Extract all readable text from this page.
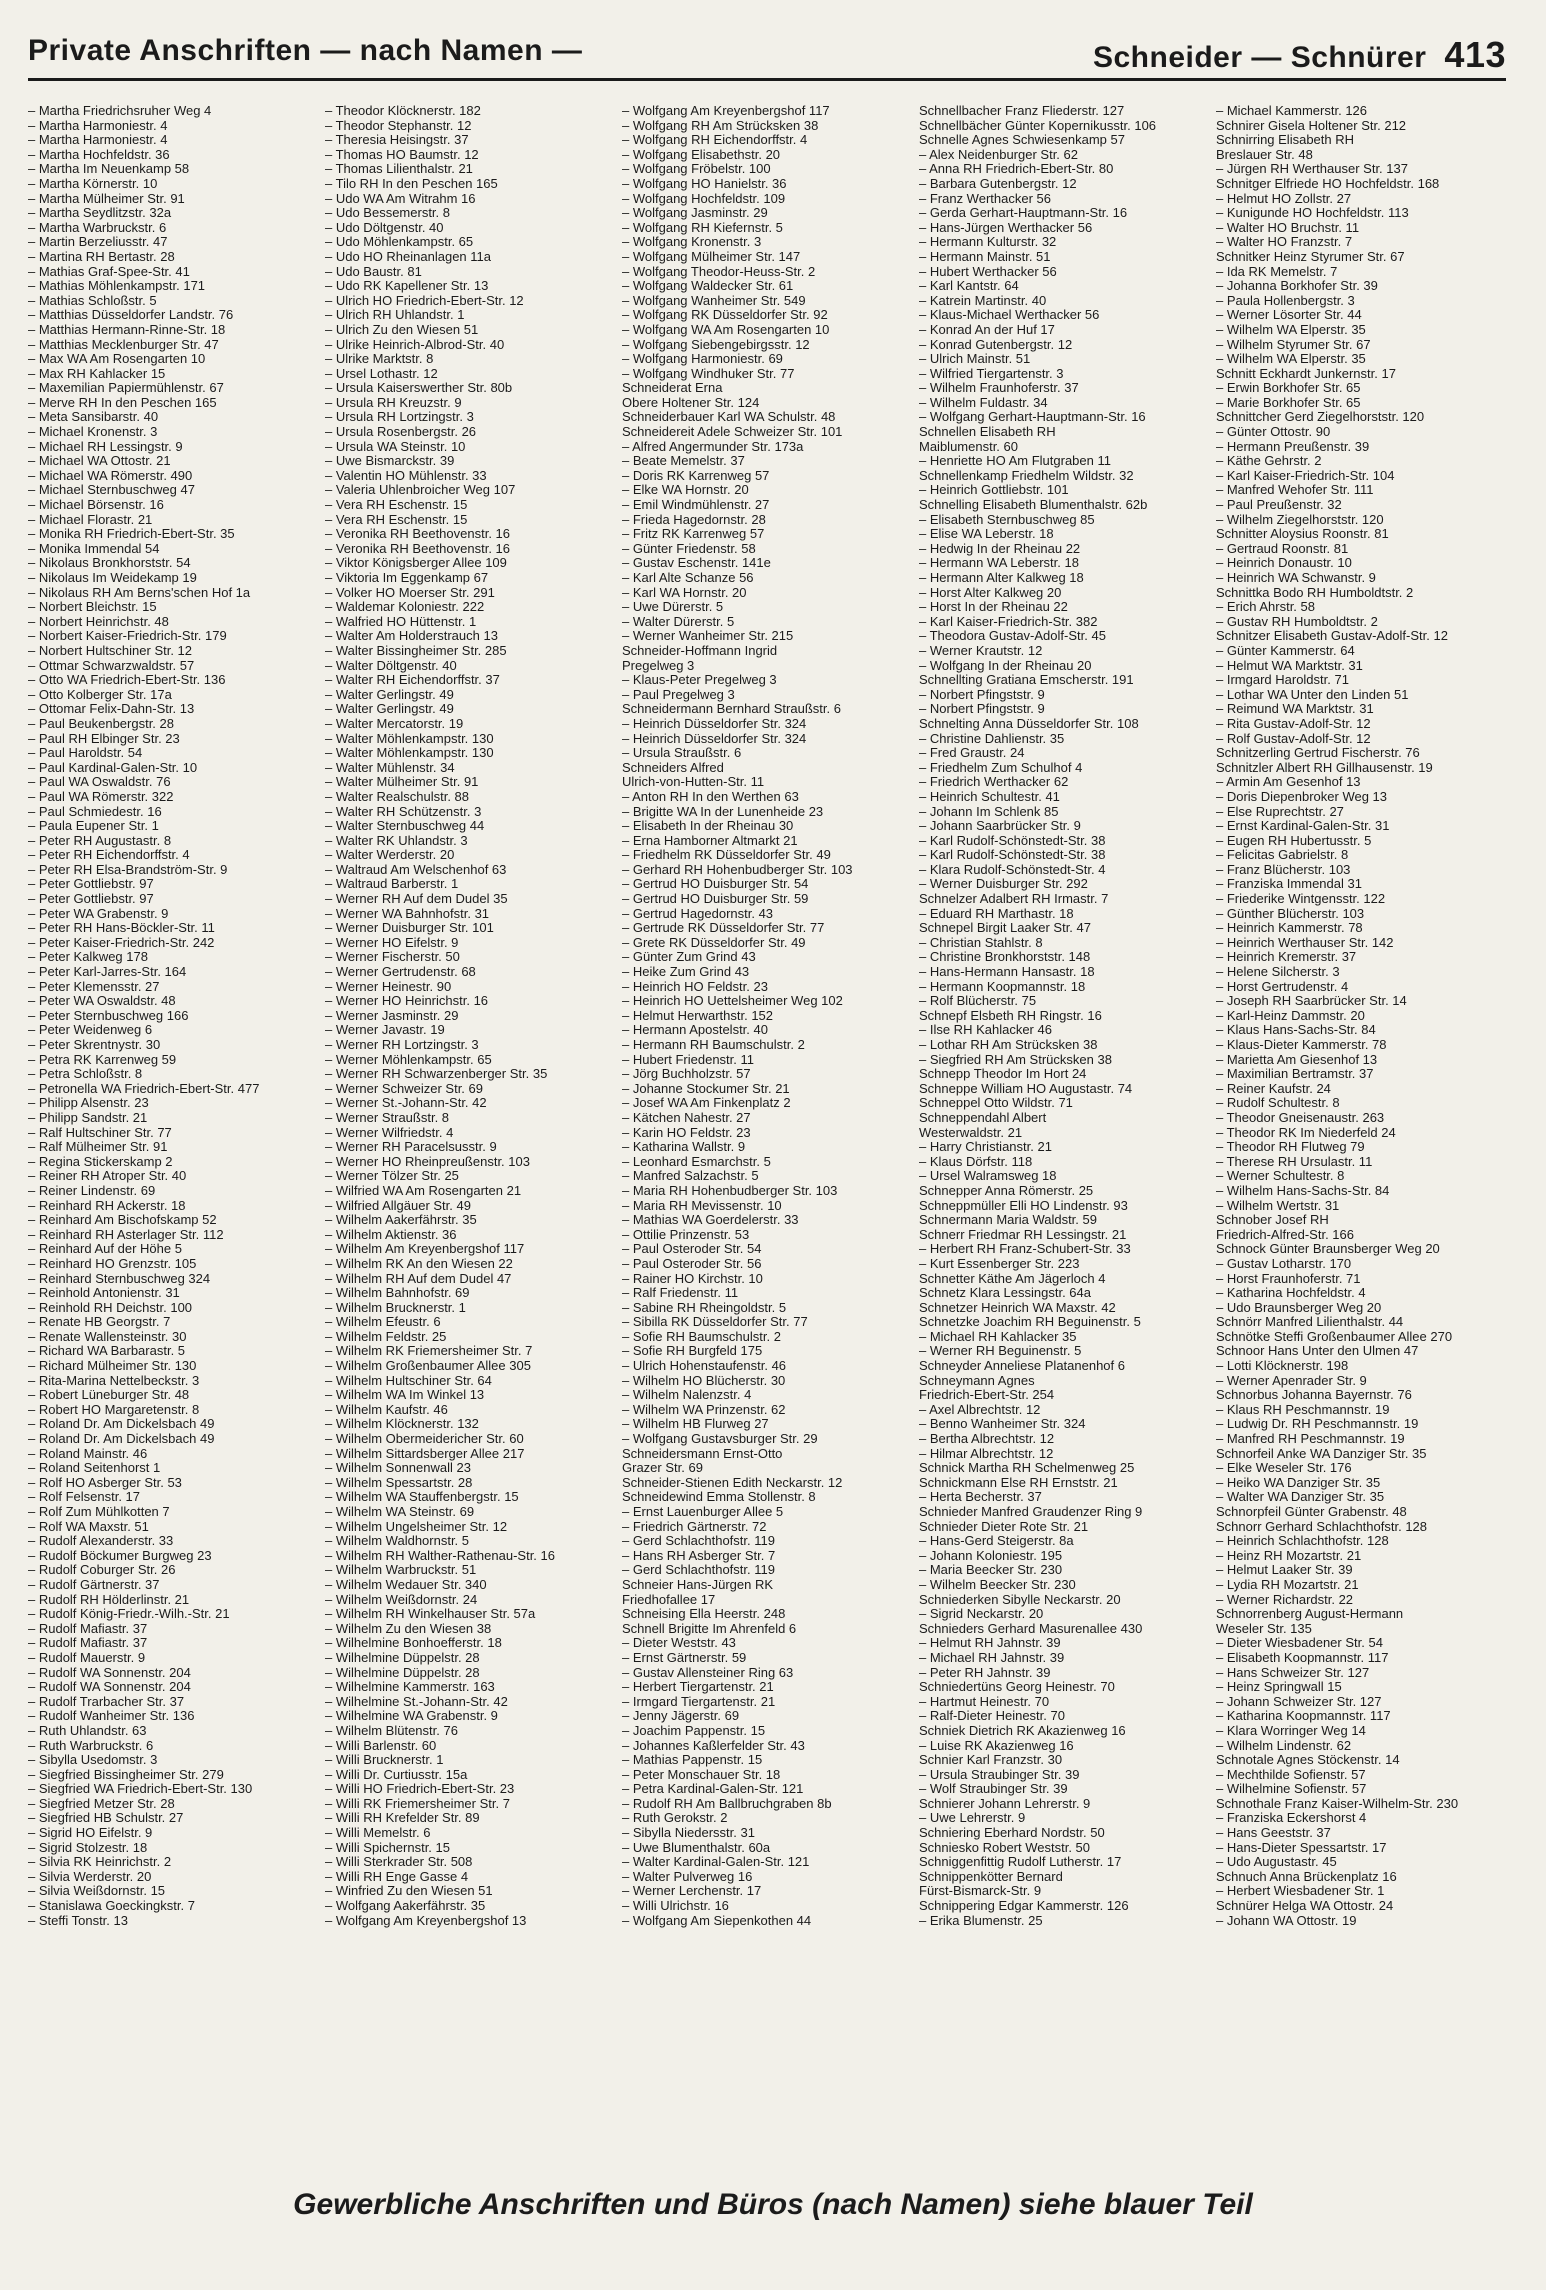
Private Anschriften — nach Namen —	Schneider — Schnürer 413
– Martha Friedrichsruher Weg 4
– Martha Harmoniestr. 4
– Martha Harmoniestr. 4
– Martha Hochfeldstr. 36
– Martha Im Neuenkamp 58
– Martha Körnerstr. 10
– Martha Mülheimer Str. 91
– Martha Seydlitzstr. 32a
– Martha Warbruckstr. 6
– Martin Berzeliusstr. 47
– Martina RH Bertastr. 28
– Mathias Graf-Spee-Str. 41
– Mathias Möhlenkampstr. 171
– Mathias Schloßstr. 5
– Matthias Düsseldorfer Landstr. 76
– Matthias Hermann-Rinne-Str. 18
– Matthias Mecklenburger Str. 47
– Max WA Am Rosengarten 10
– Max RH Kahlacker 15
– Maxemilian Papiermühlenstr. 67
– Merve RH In den Peschen 165
– Meta Sansibarstr. 40
– Michael Kronenstr. 3
– Michael RH Lessingstr. 9
– Michael WA Ottostr. 21
– Michael WA Römerstr. 490
– Michael Sternbuschweg 47
– Michael Börsenstr. 16
– Michael Florastr. 21
– Monika RH Friedrich-Ebert-Str. 35
– Monika Immendal 54
– Nikolaus Bronkhorststr. 54
– Nikolaus Im Weidekamp 19
– Nikolaus RH Am Berns'schen Hof 1a
– Norbert Bleichstr. 15
– Norbert Heinrichstr. 48
– Norbert Kaiser-Friedrich-Str. 179
– Norbert Hultschiner Str. 12
– Ottmar Schwarzwaldstr. 57
– Otto WA Friedrich-Ebert-Str. 136
– Otto Kolberger Str. 17a
– Ottomar Felix-Dahn-Str. 13
– Paul Beukenbergstr. 28
– Paul RH Elbinger Str. 23
– Paul Haroldstr. 54
– Paul Kardinal-Galen-Str. 10
– Paul WA Oswaldstr. 76
– Paul WA Römerstr. 322
– Paul Schmiedestr. 16
– Paula Eupener Str. 1
– Peter RH Augustastr. 8
– Peter RH Eichendorffstr. 4
– Peter RH Elsa-Brandström-Str. 9
– Peter Gottliebstr. 97
– Peter Gottliebstr. 97
– Peter WA Grabenstr. 9
– Peter RH Hans-Böckler-Str. 11
– Peter Kaiser-Friedrich-Str. 242
– Peter Kalkweg 178
– Peter Karl-Jarres-Str. 164
– Peter Klemensstr. 27
– Peter WA Oswaldstr. 48
– Peter Sternbuschweg 166
– Peter Weidenweg 6
– Peter Skrentnystr. 30
– Petra RK Karrenweg 59
– Petra Schloßstr. 8
– Petronella WA Friedrich-Ebert-Str. 477
– Philipp Alsenstr. 23
– Philipp Sandstr. 21
– Ralf Hultschiner Str. 77
– Ralf Mülheimer Str. 91
– Regina Stickerskamp 2
– Reiner RH Atroper Str. 40
– Reiner Lindenstr. 69
– Reinhard RH Ackerstr. 18
– Reinhard Am Bischofskamp 52
– Reinhard RH Asterlager Str. 112
– Reinhard Auf der Höhe 5
– Reinhard HO Grenzstr. 105
– Reinhard Sternbuschweg 324
– Reinhold Antonienstr. 31
– Reinhold RH Deichstr. 100
– Renate HB Georgstr. 7
– Renate Wallensteinstr. 30
– Richard WA Barbarastr. 5
– Richard Mülheimer Str. 130
– Rita-Marina Nettelbeckstr. 3
– Robert Lüneburger Str. 48
– Robert HO Margaretenstr. 8
– Roland Dr. Am Dickelsbach 49
– Roland Dr. Am Dickelsbach 49
– Roland Mainstr. 46
– Roland Seitenhorst 1
– Rolf HO Asberger Str. 53
– Rolf Felsenstr. 17
– Rolf Zum Mühlkotten 7
– Rolf WA Maxstr. 51
– Rudolf Alexanderstr. 33
– Rudolf Böckumer Burgweg 23
– Rudolf Coburger Str. 26
– Rudolf Gärtnerstr. 37
– Rudolf RH Hölderlinstr. 21
– Rudolf König-Friedr.-Wilh.-Str. 21
– Rudolf Mafiastr. 37
– Rudolf Mafiastr. 37
– Rudolf Mauerstr. 9
– Rudolf WA Sonnenstr. 204
– Rudolf WA Sonnenstr. 204
– Rudolf Trarbacher Str. 37
– Rudolf Wanheimer Str. 136
– Ruth Uhlandstr. 63
– Ruth Warbruckstr. 6
– Sibylla Usedomstr. 3
– Siegfried Bissingheimer Str. 279
– Siegfried WA Friedrich-Ebert-Str. 130
– Siegfried Metzer Str. 28
– Siegfried HB Schulstr. 27
– Sigrid HO Eifelstr. 9
– Sigrid Stolzestr. 18
– Silvia RK Heinrichstr. 2
– Silvia Werderstr. 20
– Silvia Weißdornstr. 15
– Stanislawa Goeckingkstr. 7
– Steffi Tonstr. 13
– Theodor Klöcknerstr. 182
– Theodor Stephanstr. 12
– Theresia Heisingstr. 37
– Thomas HO Baumstr. 12
– Thomas Lilienthalstr. 21
– Tilo RH In den Peschen 165
– Udo WA Am Witrahm 16
– Udo Bessemerstr. 8
– Udo Döltgenstr. 40
– Udo Möhlenkampstr. 65
– Udo HO Rheinanlagen 11a
– Udo Baustr. 81
– Udo RK Kapellener Str. 13
– Ulrich HO Friedrich-Ebert-Str. 12
– Ulrich RH Uhlandstr. 1
– Ulrich Zu den Wiesen 51
– Ulrike Heinrich-Albrod-Str. 40
– Ulrike Marktstr. 8
– Ursel Lothastr. 12
– Ursula Kaiserswerther Str. 80b
– Ursula RH Kreuzstr. 9
– Ursula RH Lortzingstr. 3
– Ursula Rosenbergstr. 26
– Ursula WA Steinstr. 10
– Uwe Bismarckstr. 39
– Valentin HO Mühlenstr. 33
– Valeria Uhlenbroicher Weg 107
– Vera RH Eschenstr. 15
– Vera RH Eschenstr. 15
– Veronika RH Beethovenstr. 16
– Veronika RH Beethovenstr. 16
– Viktor Königsberger Allee 109
– Viktoria Im Eggenkamp 67
– Volker HO Moerser Str. 291
– Waldemar Koloniestr. 222
– Walfried HO Hüttenstr. 1
– Walter Am Holderstrauch 13
– Walter Bissingheimer Str. 285
– Walter Döltgenstr. 40
– Walter RH Eichendorffstr. 37
– Walter Gerlingstr. 49
– Walter Gerlingstr. 49
– Walter Mercatorstr. 19
– Walter Möhlenkampstr. 130
– Walter Möhlenkampstr. 130
– Walter Mühlenstr. 34
– Walter Mülheimer Str. 91
– Walter Realschulstr. 88
– Walter RH Schützenstr. 3
– Walter Sternbuschweg 44
– Walter RK Uhlandstr. 3
– Walter Werderstr. 20
– Waltraud Am Welschenhof 63
– Waltraud Barberstr. 1
– Werner RH Auf dem Dudel 35
– Werner WA Bahnhofstr. 31
– Werner Duisburger Str. 101
– Werner HO Eifelstr. 9
– Werner Fischerstr. 50
– Werner Gertrudenstr. 68
– Werner Heinestr. 90
– Werner HO Heinrichstr. 16
– Werner Jasminstr. 29
– Werner Javastr. 19
– Werner RH Lortzingstr. 3
– Werner Möhlenkampstr. 65
– Werner RH Schwarzenberger Str. 35
– Werner Schweizer Str. 69
– Werner St.-Johann-Str. 42
– Werner Straußstr. 8
– Werner Wilfriedstr. 4
– Werner RH Paracelsusstr. 9
– Werner HO Rheinpreußenstr. 103
– Werner Tölzer Str. 25
– Wilfried WA Am Rosengarten 21
– Wilfried Allgäuer Str. 49
– Wilhelm Aakerfährstr. 35
– Wilhelm Aktienstr. 36
– Wilhelm Am Kreyenbergshof 117
– Wilhelm RK An den Wiesen 22
– Wilhelm RH Auf dem Dudel 47
– Wilhelm Bahnhofstr. 69
– Wilhelm Brucknerstr. 1
– Wilhelm Efeustr. 6
– Wilhelm Feldstr. 25
– Wilhelm RK Friemersheimer Str. 7
– Wilhelm Großenbaumer Allee 305
– Wilhelm Hultschiner Str. 64
– Wilhelm WA Im Winkel 13
– Wilhelm Kaufstr. 46
– Wilhelm Klöcknerstr. 132
– Wilhelm Obermeidericher Str. 60
– Wilhelm Sittardsberger Allee 217
– Wilhelm Sonnenwall 23
– Wilhelm Spessartstr. 28
– Wilhelm WA Stauffenbergstr. 15
– Wilhelm WA Steinstr. 69
– Wilhelm Ungelsheimer Str. 12
– Wilhelm Waldhornstr. 5
– Wilhelm RH Walther-Rathenau-Str. 16
– Wilhelm Warbruckstr. 51
– Wilhelm Wedauer Str. 340
– Wilhelm Weißdornstr. 24
– Wilhelm RH Winkelhauser Str. 57a
– Wilhelm Zu den Wiesen 38
– Wilhelmine Bonhoefferstr. 18
– Wilhelmine Düppelstr. 28
– Wilhelmine Düppelstr. 28
– Wilhelmine Kammerstr. 163
– Wilhelmine St.-Johann-Str. 42
– Wilhelmine WA Grabenstr. 9
– Wilhelm Blütenstr. 76
– Willi Barlenstr. 60
– Willi Brucknerstr. 1
– Willi Dr. Curtiusstr. 15a
– Willi HO Friedrich-Ebert-Str. 23
– Willi RK Friemersheimer Str. 7
– Willi RH Krefelder Str. 89
– Willi Memelstr. 6
– Willi Spichernstr. 15
– Willi Sterkrader Str. 508
– Willi RH Enge Gasse 4
– Winfried Zu den Wiesen 51
– Wolfgang Aakerfährstr. 35
– Wolfgang Am Kreyenbergshof 13
– Wolfgang Am Kreyenbergshof 117
– Wolfgang RH Am Strücksken 38
– Wolfgang RH Eichendorffstr. 4
– Wolfgang Elisabethstr. 20
– Wolfgang Fröbelstr. 100
– Wolfgang HO Hanielstr. 36
– Wolfgang Hochfeldstr. 109
– Wolfgang Jasminstr. 29
– Wolfgang RH Kiefernstr. 5
– Wolfgang Kronenstr. 3
– Wolfgang Mülheimer Str. 147
– Wolfgang Theodor-Heuss-Str. 2
– Wolfgang Waldecker Str. 61
– Wolfgang Wanheimer Str. 549
– Wolfgang RK Düsseldorfer Str. 92
– Wolfgang WA Am Rosengarten 10
– Wolfgang Siebengebirgsstr. 12
– Wolfgang Harmoniestr. 69
– Wolfgang Windhuker Str. 77
Schneiderat Erna
Obere Holtener Str. 124
Schneiderbauer Karl WA Schulstr. 48
Schneidereit Adele Schweizer Str. 101
– Alfred Angermunder Str. 173a
– Beate Memelstr. 37
– Doris RK Karrenweg 57
– Elke WA Hornstr. 20
– Emil Windmühlenstr. 27
– Frieda Hagedornstr. 28
– Fritz RK Karrenweg 57
– Günter Friedenstr. 58
– Gustav Eschenstr. 141e
– Karl Alte Schanze 56
– Karl WA Hornstr. 20
– Uwe Dürerstr. 5
– Walter Dürerstr. 5
– Werner Wanheimer Str. 215
Schneider-Hoffmann Ingrid
Pregelweg 3
– Klaus-Peter Pregelweg 3
– Paul Pregelweg 3
Schneidermann Bernhard Straußstr. 6
– Heinrich Düsseldorfer Str. 324
– Heinrich Düsseldorfer Str. 324
– Ursula Straußstr. 6
Schneiders Alfred
Ulrich-von-Hutten-Str. 11
– Anton RH In den Werthen 63
– Brigitte WA In der Lunenheide 23
– Elisabeth In der Rheinau 30
– Erna Hamborner Altmarkt 21
– Friedhelm RK Düsseldorfer Str. 49
– Gerhard RH Hohenbudberger Str. 103
– Gertrud HO Duisburger Str. 54
– Gertrud HO Duisburger Str. 59
– Gertrud Hagedornstr. 43
– Gertrude RK Düsseldorfer Str. 77
– Grete RK Düsseldorfer Str. 49
– Günter Zum Grind 43
– Heike Zum Grind 43
– Heinrich HO Feldstr. 23
– Heinrich HO Uettelsheimer Weg 102
– Helmut Herwarthstr. 152
– Hermann Apostelstr. 40
– Hermann RH Baumschulstr. 2
– Hubert Friedenstr. 11
– Jörg Buchholzstr. 57
– Johanne Stockumer Str. 21
– Josef WA Am Finkenplatz 2
– Kätchen Nahestr. 27
– Karin HO Feldstr. 23
– Katharina Wallstr. 9
– Leonhard Esmarchstr. 5
– Manfred Salzachstr. 5
– Maria RH Hohenbudberger Str. 103
– Maria RH Mevissenstr. 10
– Mathias WA Goerdelerstr. 33
– Ottilie Prinzenstr. 53
– Paul Osteroder Str. 54
– Paul Osteroder Str. 56
– Rainer HO Kirchstr. 10
– Ralf Friedenstr. 11
– Sabine RH Rheingoldstr. 5
– Sibilla RK Düsseldorfer Str. 77
– Sofie RH Baumschulstr. 2
– Sofie RH Burgfeld 175
– Ulrich Hohenstaufenstr. 46
– Wilhelm HO Blücherstr. 30
– Wilhelm Nalenzstr. 4
– Wilhelm WA Prinzenstr. 62
– Wilhelm HB Flurweg 27
– Wolfgang Gustavsburger Str. 29
Schneidersmann Ernst-Otto
Grazer Str. 69
Schneider-Stienen Edith Neckarstr. 12
Schneidewind Emma Stollenstr. 8
– Ernst Lauenburger Allee 5
– Friedrich Gärtnerstr. 72
– Gerd Schlachthofstr. 119
– Hans RH Asberger Str. 7
– Gerd Schlachthofstr. 119
Schneier Hans-Jürgen RK
Friedhofallee 17
Schneising Ella Heerstr. 248
Schnell Brigitte Im Ahrenfeld 6
– Dieter Weststr. 43
– Ernst Gärtnerstr. 59
– Gustav Allensteiner Ring 63
– Herbert Tiergartenstr. 21
– Irmgard Tiergartenstr. 21
– Jenny Jägerstr. 69
– Joachim Pappenstr. 15
– Johannes Kaßlerfelder Str. 43
– Mathias Pappenstr. 15
– Peter Monschauer Str. 18
– Petra Kardinal-Galen-Str. 121
– Rudolf RH Am Ballbruchgraben 8b
– Ruth Gerokstr. 2
– Sibylla Niedersstr. 31
– Uwe Blumenthalstr. 60a
– Walter Kardinal-Galen-Str. 121
– Walter Pulverweg 16
– Werner Lerchenstr. 17
– Willi Ulrichstr. 16
– Wolfgang Am Siepenkothen 44
Schnellbacher Franz Fliederstr. 127
Schnellbächer Günter Kopernikusstr. 106
Schnelle Agnes Schwiesenkamp 57
– Alex Neidenburger Str. 62
– Anna RH Friedrich-Ebert-Str. 80
– Barbara Gutenbergstr. 12
– Franz Werthacker 56
– Gerda Gerhart-Hauptmann-Str. 16
– Hans-Jürgen Werthacker 56
– Hermann Kulturstr. 32
– Hermann Mainstr. 51
– Hubert Werthacker 56
– Karl Kantstr. 64
– Katrein Martinstr. 40
– Klaus-Michael Werthacker 56
– Konrad An der Huf 17
– Konrad Gutenbergstr. 12
– Ulrich Mainstr. 51
– Wilfried Tiergartenstr. 3
– Wilhelm Fraunhoferstr. 37
– Wilhelm Fuldastr. 34
– Wolfgang Gerhart-Hauptmann-Str. 16
Schnellen Elisabeth RH
Maiblumenstr. 60
– Henriette HO Am Flutgraben 11
Schnellenkamp Friedhelm Wildstr. 32
– Heinrich Gottliebstr. 101
Schnelling Elisabeth Blumenthalstr. 62b
– Elisabeth Sternbuschweg 85
– Elise WA Leberstr. 18
– Hedwig In der Rheinau 22
– Hermann WA Leberstr. 18
– Hermann Alter Kalkweg 18
– Horst Alter Kalkweg 20
– Horst In der Rheinau 22
– Karl Kaiser-Friedrich-Str. 382
– Theodora Gustav-Adolf-Str. 45
– Werner Krautstr. 12
– Wolfgang In der Rheinau 20
Schnellting Gratiana Emscherstr. 191
– Norbert Pfingststr. 9
– Norbert Pfingststr. 9
Schnelting Anna Düsseldorfer Str. 108
– Christine Dahlienstr. 35
– Fred Graustr. 24
– Friedhelm Zum Schulhof 4
– Friedrich Werthacker 62
– Heinrich Schultestr. 41
– Johann Im Schlenk 85
– Johann Saarbrücker Str. 9
– Karl Rudolf-Schönstedt-Str. 38
– Karl Rudolf-Schönstedt-Str. 38
– Klara Rudolf-Schönstedt-Str. 4
– Werner Duisburger Str. 292
Schnelzer Adalbert RH Irmastr. 7
– Eduard RH Marthastr. 18
Schnepel Birgit Laaker Str. 47
– Christian Stahlstr. 8
– Christine Bronkhorststr. 148
– Hans-Hermann Hansastr. 18
– Hermann Koopmannstr. 18
– Rolf Blücherstr. 75
Schnepf Elsbeth RH Ringstr. 16
– Ilse RH Kahlacker 46
– Lothar RH Am Strücksken 38
– Siegfried RH Am Strücksken 38
Schnepp Theodor Im Hort 24
Schneppe William HO Augustastr. 74
Schneppel Otto Wildstr. 71
Schneppendahl Albert
Westerwaldstr. 21
– Harry Christianstr. 21
– Klaus Dörfstr. 118
– Ursel Walramsweg 18
Schnepper Anna Römerstr. 25
Schneppmüller Elli HO Lindenstr. 93
Schnermann Maria Waldstr. 59
Schnerr Friedmar RH Lessingstr. 21
– Herbert RH Franz-Schubert-Str. 33
– Kurt Essenberger Str. 223
Schnetter Käthe Am Jägerloch 4
Schnetz Klara Lessingstr. 64a
Schnetzer Heinrich WA Maxstr. 42
Schnetzke Joachim RH Beguinenstr. 5
– Michael RH Kahlacker 35
– Werner RH Beguinenstr. 5
Schneyder Anneliese Platanenhof 6
Schneymann Agnes
Friedrich-Ebert-Str. 254
– Axel Albrechtstr. 12
– Benno Wanheimer Str. 324
– Bertha Albrechtstr. 12
– Hilmar Albrechtstr. 12
Schnick Martha RH Schelmenweg 25
Schnickmann Else RH Ernststr. 21
– Herta Becherstr. 37
Schnieder Manfred Graudenzer Ring 9
Schnieder Dieter Rote Str. 21
– Hans-Gerd Steigerstr. 8a
– Johann Koloniestr. 195
– Maria Beecker Str. 230
– Wilhelm Beecker Str. 230
Schniederken Sibylle Neckarstr. 20
– Sigrid Neckarstr. 20
Schnieders Gerhard Masurenallee 430
– Helmut RH Jahnstr. 39
– Michael RH Jahnstr. 39
– Peter RH Jahnstr. 39
Schniedertüns Georg Heinestr. 70
– Hartmut Heinestr. 70
– Ralf-Dieter Heinestr. 70
Schniek Dietrich RK Akazienweg 16
– Luise RK Akazienweg 16
Schnier Karl Franzstr. 30
– Ursula Straubinger Str. 39
– Wolf Straubinger Str. 39
Schnierer Johann Lehrerstr. 9
– Uwe Lehrerstr. 9
Schniering Eberhard Nordstr. 50
Schniesko Robert Weststr. 50
Schniggenfittig Rudolf Lutherstr. 17
Schnippenkötter Bernard
Fürst-Bismarck-Str. 9
Schnippering Edgar Kammerstr. 126
– Erika Blumenstr. 25
– Michael Kammerstr. 126
Schnirer Gisela Holtener Str. 212
Schnirring Elisabeth RH
Breslauer Str. 48
– Jürgen RH Werthauser Str. 137
Schnitger Elfriede HO Hochfeldstr. 168
– Helmut HO Zollstr. 27
– Kunigunde HO Hochfeldstr. 113
– Walter HO Bruchstr. 11
– Walter HO Franzstr. 7
Schnitker Heinz Styrumer Str. 67
– Ida RK Memelstr. 7
– Johanna Borkhofer Str. 39
– Paula Hollenbergstr. 3
– Werner Lösorter Str. 44
– Wilhelm WA Elperstr. 35
– Wilhelm Styrumer Str. 67
– Wilhelm WA Elperstr. 35
Schnitt Eckhardt Junkernstr. 17
– Erwin Borkhofer Str. 65
– Marie Borkhofer Str. 65
Schnittcher Gerd Ziegelhorststr. 120
– Günter Ottostr. 90
– Hermann Preußenstr. 39
– Käthe Gehrstr. 2
– Karl Kaiser-Friedrich-Str. 104
– Manfred Wehofer Str. 111
– Paul Preußenstr. 32
– Wilhelm Ziegelhorststr. 120
Schnitter Aloysius Roonstr. 81
– Gertraud Roonstr. 81
– Heinrich Donaustr. 10
– Heinrich WA Schwanstr. 9
Schnittka Bodo RH Humboldtstr. 2
– Erich Ahrstr. 58
– Gustav RH Humboldtstr. 2
Schnitzer Elisabeth Gustav-Adolf-Str. 12
– Günter Kammerstr. 64
– Helmut WA Marktstr. 31
– Irmgard Haroldstr. 71
– Lothar WA Unter den Linden 51
– Reimund WA Marktstr. 31
– Rita Gustav-Adolf-Str. 12
– Rolf Gustav-Adolf-Str. 12
Schnitzerling Gertrud Fischerstr. 76
Schnitzler Albert RH Gillhausenstr. 19
– Armin Am Gesenhof 13
– Doris Diepenbroker Weg 13
– Else Ruprechtstr. 27
– Ernst Kardinal-Galen-Str. 31
– Eugen RH Hubertusstr. 5
– Felicitas Gabrielstr. 8
– Franz Blücherstr. 103
– Franziska Immendal 31
– Friederike Wintgensstr. 122
– Günther Blücherstr. 103
– Heinrich Kammerstr. 78
– Heinrich Werthauser Str. 142
– Heinrich Kremerstr. 37
– Helene Silcherstr. 3
– Horst Gertrudenstr. 4
– Joseph RH Saarbrücker Str. 14
– Karl-Heinz Dammstr. 20
– Klaus Hans-Sachs-Str. 84
– Klaus-Dieter Kammerstr. 78
– Marietta Am Giesenhof 13
– Maximilian Bertramstr. 37
– Reiner Kaufstr. 24
– Rudolf Schultestr. 8
– Theodor Gneisenaustr. 263
– Theodor RK Im Niederfeld 24
– Theodor RH Flutweg 79
– Therese RH Ursulastr. 11
– Werner Schultestr. 8
– Wilhelm Hans-Sachs-Str. 84
– Wilhelm Wertstr. 31
Schnober Josef RH
Friedrich-Alfred-Str. 166
Schnock Günter Braunsberger Weg 20
– Gustav Lotharstr. 170
– Horst Fraunhoferstr. 71
– Katharina Hochfeldstr. 4
– Udo Braunsberger Weg 20
Schnörr Manfred Lilienthalstr. 44
Schnötke Steffi Großenbaumer Allee 270
Schnoor Hans Unter den Ulmen 47
– Lotti Klöcknerstr. 198
– Werner Apenrader Str. 9
Schnorbus Johanna Bayernstr. 76
– Klaus RH Peschmannstr. 19
– Ludwig Dr. RH Peschmannstr. 19
– Manfred RH Peschmannstr. 19
Schnorfeil Anke WA Danziger Str. 35
– Elke Weseler Str. 176
– Heiko WA Danziger Str. 35
– Walter WA Danziger Str. 35
Schnorpfeil Günter Grabenstr. 48
Schnorr Gerhard Schlachthofstr. 128
– Heinrich Schlachthofstr. 128
– Heinz RH Mozartstr. 21
– Helmut Laaker Str. 39
– Lydia RH Mozartstr. 21
– Werner Richardstr. 22
Schnorrenberg August-Hermann
Weseler Str. 135
– Dieter Wiesbadener Str. 54
– Elisabeth Koopmannstr. 117
– Hans Schweizer Str. 127
– Heinz Springwall 15
– Johann Schweizer Str. 127
– Katharina Koopmannstr. 117
– Klara Worringer Weg 14
– Wilhelm Lindenstr. 62
Schnotale Agnes Stöckenstr. 14
– Mechthilde Sofienstr. 57
– Wilhelmine Sofienstr. 57
Schnothale Franz Kaiser-Wilhelm-Str. 230
– Franziska Eckershorst 4
– Hans Geeststr. 37
– Hans-Dieter Spessartstr. 17
– Udo Augustastr. 45
Schnuch Anna Brückenplatz 16
– Herbert Wiesbadener Str. 1
Schnürer Helga WA Ottostr. 24
– Johann WA Ottostr. 19
Gewerbliche Anschriften und Büros (nach Namen) siehe blauer Teil
